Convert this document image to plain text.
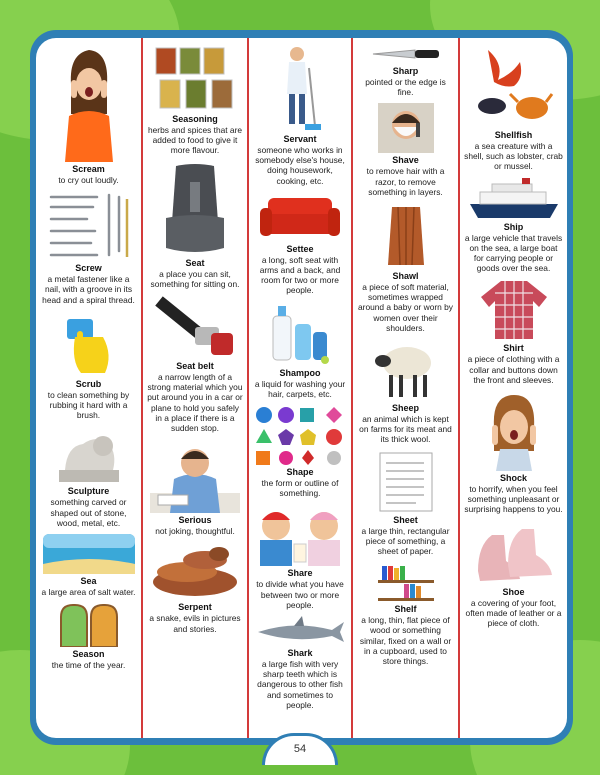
Scream
to cry out loudly.
Screw
a metal fastener like a nail, with a groove in its head and a spiral thread.
Scrub
to clean something by rubbing it hard with a brush.
Sculpture
something carved or shaped out of stone, wood, metal, etc.
Sea
a large area of salt water.
Season
the time of the year.
Seasoning
herbs and spices that are added to food to give it more flavour.
Seat
a place you can sit, something for sitting on.
Seat belt
a narrow length of a strong material which you put around you in a car or plane to hold you safely in a place if there is a sudden stop.
Serious
not joking, thoughtful.
Serpent
a snake, evils in pictures and stories.
Servant
someone who works in somebody else's house, doing housework, cooking, etc.
Settee
a long, soft seat with arms and a back, and room for two or more people.
Shampoo
a liquid for washing your hair, carpets, etc.
Shape
the form or outline of something.
Share
to divide what you have between two or more people.
Shark
a large fish with very sharp teeth which is dangerous to other fish and sometimes to people.
Sharp
pointed or the edge is fine.
Shave
to remove hair with a razor, to remove something in layers.
Shawl
a piece of soft material, sometimes wrapped around a baby or worn by women over their shoulders.
Sheep
an animal which is kept on farms for its meat and its thick wool.
Sheet
a large thin, rectangular piece of something, a sheet of paper.
Shelf
a long, thin, flat piece of wood or something similar, fixed on a wall or in a cupboard, used to store things.
Shellfish
a sea creature with a shell, such as lobster, crab or mussel.
Ship
a large vehicle that travels on the sea, a large boat for carrying people or goods over the sea.
Shirt
a piece of clothing with a collar and buttons down the front and sleeves.
Shock
to horrify, when you feel something unpleasant or surprising happens to you.
Shoe
a covering of your foot, often made of leather or a piece of cloth.
54
